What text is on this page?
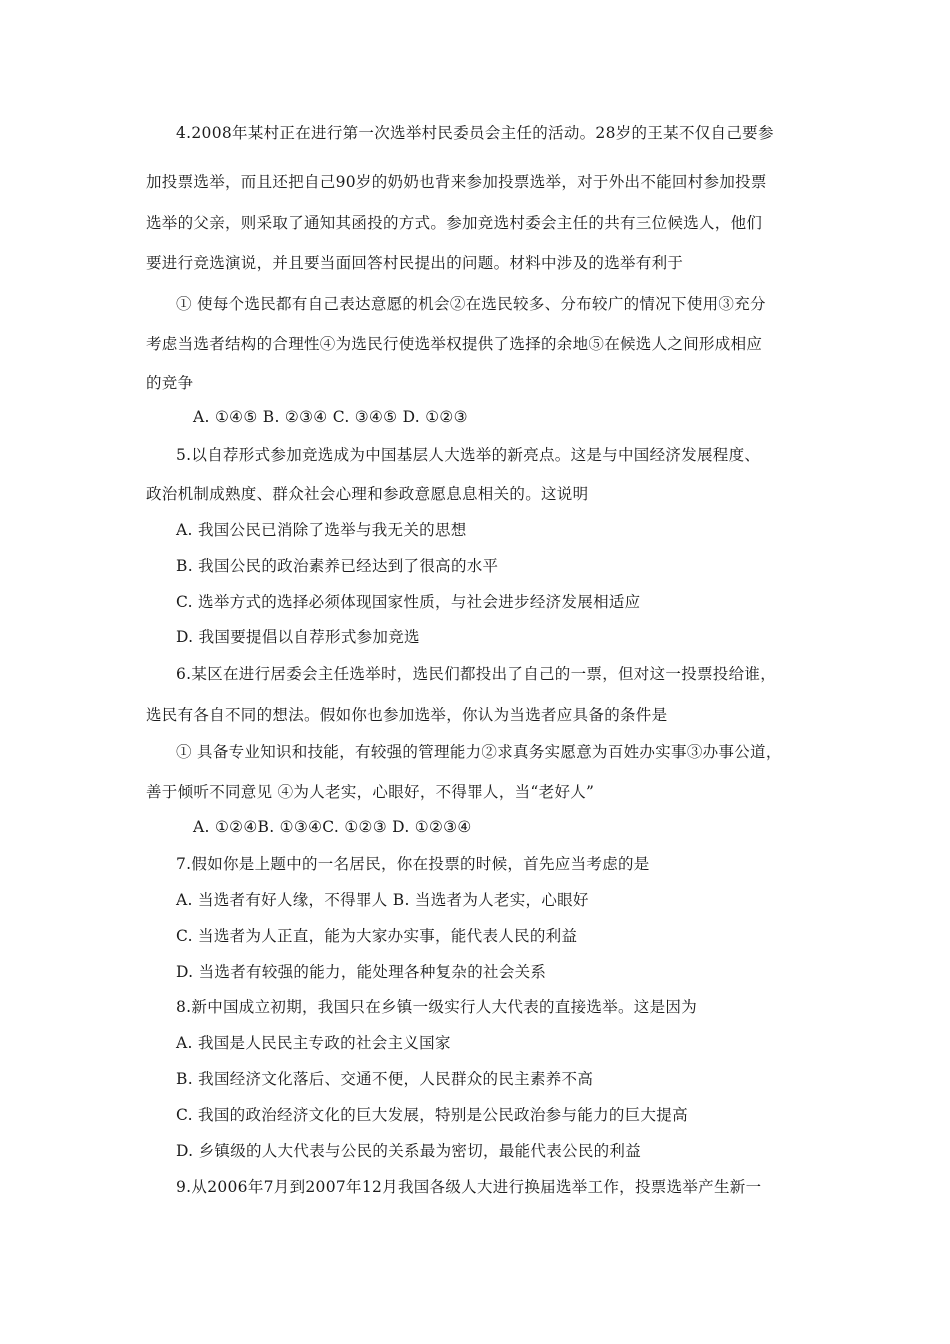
4.2008年某村正在进行第一次选举村民委员会主任的活动。28岁的王某不仅自己要参
加投票选举，而且还把自己90岁的奶奶也背来参加投票选举，对于外出不能回村参加投票
选举的父亲，则采取了通知其函投的方式。参加竞选村委会主任的共有三位候选人，他们
要进行竞选演说，并且要当面回答村民提出的问题。材料中涉及的选举有利于
① 使每个选民都有自己表达意愿的机会②在选民较多、分布较广的情况下使用③充分
考虑当选者结构的合理性④为选民行使选举权提供了选择的余地⑤在候选人之间形成相应
的竞争
A. ①④⑤ B. ②③④ C. ③④⑤ D. ①②③
5.以自荐形式参加竞选成为中国基层人大选举的新亮点。这是与中国经济发展程度、
政治机制成熟度、群众社会心理和参政意愿息息相关的。这说明
A. 我国公民已消除了选举与我无关的思想
B. 我国公民的政治素养已经达到了很高的水平
C. 选举方式的选择必须体现国家性质，与社会进步经济发展相适应
D. 我国要提倡以自荐形式参加竞选
6.某区在进行居委会主任选举时，选民们都投出了自己的一票，但对这一投票投给谁，
选民有各自不同的想法。假如你也参加选举，你认为当选者应具备的条件是
① 具备专业知识和技能，有较强的管理能力②求真务实愿意为百姓办实事③办事公道，
善于倾听不同意见 ④为人老实，心眼好，不得罪人，当“老好人”
A. ①②④B. ①③④C. ①②③ D. ①②③④
7.假如你是上题中的一名居民，你在投票的时候，首先应当考虑的是
A. 当选者有好人缘，不得罪人 B. 当选者为人老实，心眼好
C. 当选者为人正直，能为大家办实事，能代表人民的利益
D. 当选者有较强的能力，能处理各种复杂的社会关系
8.新中国成立初期，我国只在乡镇一级实行人大代表的直接选举。这是因为
A. 我国是人民民主专政的社会主义国家
B. 我国经济文化落后、交通不便，人民群众的民主素养不高
C. 我国的政治经济文化的巨大发展，特别是公民政治参与能力的巨大提高
D. 乡镇级的人大代表与公民的关系最为密切，最能代表公民的利益
9.从2006年7月到2007年12月我国各级人大进行换届选举工作，投票选举产生新一
